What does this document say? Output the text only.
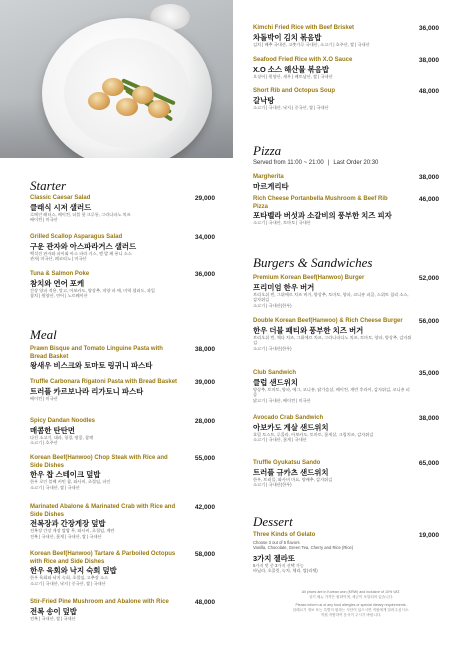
Starter
Classic Caesar Salad	29,000
클래식 시저 샐러드
로메인 레터스, 베이컨, 더블 핫 크루통, 그라나파노 치즈
베이컨 | 미국산
Grilled Scallop Asparagus Salad	34,000
구운 관자와 아스파라거스 샐러드
백석진 관자와 파이와 아스 파라 거스, 엔 발 페 퐁니 소스
관자| 미국산, 페코리노 | 미국산
Tuna & Salmon Poke	36,000
참치와 연어 포케
간장 양파 적용, 망고, 아보카도, 양상추, 적양 파 에, 미역 샐러드, 과일
참치 | 원양산, 연어 | 노르웨이산
Meal
Prawn Bisque and Tomato Linguine Pasta with Bread Basket
38,000
왕새우 비스크와 토마토 링귀니 파스타
Truffle Carbonara Rigatoni Pasta with Bread Basket	39,000
트러플 카르보나라 리가토니 파스타
베이컨 | 미국산
Spicy Dandan Noodles	28,000
매콤한 탄탄면
다진 소고기, 대파, 청경, 땅콩, 참깨
소고기 | 호주산
Korean Beef(Hanwoo) Chop Steak with Rice and Side Dishes
55,000
한우 찹 스테이크 덮밥
한우 로인 블랙 커민 찹, 와사비, 초절임, 파인
소고기 | 국내산, 쌀 | 국내산
Marinated Abalone & Marinated Crab with Rice and Side Dishes
42,000
전복장과 간장게장 덮밥
전복장 간장 게장 쌀밥 무, 와사비, 초절임, 계란
전복 | 국내산, 꽃게 | 국내산, 쌀 | 국내산
Korean Beef(Hanwoo) Tartare & Parboiled Octopus with Rice and Side Dishes
58,000
한우 육회와 낙지 숙회 덮밥
한우 육회와 낙지 숙회, 초절임, 고추장 소스
소고기 | 국내산, 낙지 | 중국산, 쌀 | 국내산
Stir-Fried Pine Mushroom and Abalone with Rice	48,000
전복 송이 덮밥
전복 | 국내산, 쌀 | 국내산
Kimchi Fried Rice with Beef Brisket	36,000
차돌박이 김치 볶음밥
김치 | 배추 국내산, 고춧가루 국내산, 소고기 | 호주산, 쌀 | 국내산
Seafood Fried Rice with X.O Sauce	38,000
X.O 소스 해산물 볶음밥
오징어 | 원양산, 새우 | 베트남산, 쌀 | 국내산
Short Rib and Octopus Soup	48,000
갈낙탕
소고기 | 국내산, 낙지 | 중국산, 쌀 | 국내산
Pizza
Served from 11:00 ~ 21:00 | Last Order 20:30
Margherita	38,000
마르게리타
Rich Cheese Portanbella Mushroom & Beef Rib Pizza
46,000
포타벨라 버섯과 소갈비의 풍부한 치즈 피자
소고기 | 국내산, 토마토 | 국내산
Burgers & Sandwiches
Premium Korean Beef(Hanwoo) Burger	52,000
프리미엄 한우 버거
브리오쉬 번, 그뤼에르 치즈 버거, 양상추, 토마토, 양파, 코니숑 피클, 스위트 칠리 소스, 감자튀김
소고기 | 국내산(한우)
Double Korean Beef(Hanwoo) & Rich Cheese Burger 56,000
한우 더블 패티와 풍부한 치즈 버거
브리오쉬 번, 체다 치즈, 그뤼에르 치즈, 그라나파다노 치즈, 토마토, 양파, 양상추, 감자튀김
소고기 | 국내산(한우)
Club Sandwich	35,000
클럽 샌드위치
양상추, 토마토, 양파, 에그, 코니숑, 닭가슴살, 베이컨, 계란 후라이, 감자튀김, 코니숑 피클
닭고기 | 국내산, 베이컨 | 미국산
Avocado Crab Sandwich	38,000
아보카도 게살 샌드위치
호밀 토스트, 루콜라, 아보카도, 토마토, 꽃게살, 크림치즈, 감자튀김
소고기 | 국내산, 꽃게 | 국내산
Truffle Gyukatsu Sando	65,000
트러플 규카츠 샌드위치
한우, 트러플, 와사비 마요, 양배추, 감자튀김
소고기 | 국내산(한우)
Dessert
Three Kinds of Gelato	19,000
Choose 3 out of 5 flavors
Vanilla, Chocolate, Green Tea, Cherry and Rice (Rice)
3가지 젤라또
5가지 맛 중 3가지 선택 가능
바닐라, 초콜릿, 녹차, 체리, 쌀(리체)

All prices are in Korean won (KRW) and inclusive of 10% VAT.

상기 메뉴 가격은 원화이며, 세금이 포함되어 있습니다.

Please inform us of any food allergies or special dietary requirements.

알레르기 정보 또는 특별히 원하는 식단이 있으시면 직원에게 알려주십시오.

직원 적합하여 음식이 주시기 바랍니다.
